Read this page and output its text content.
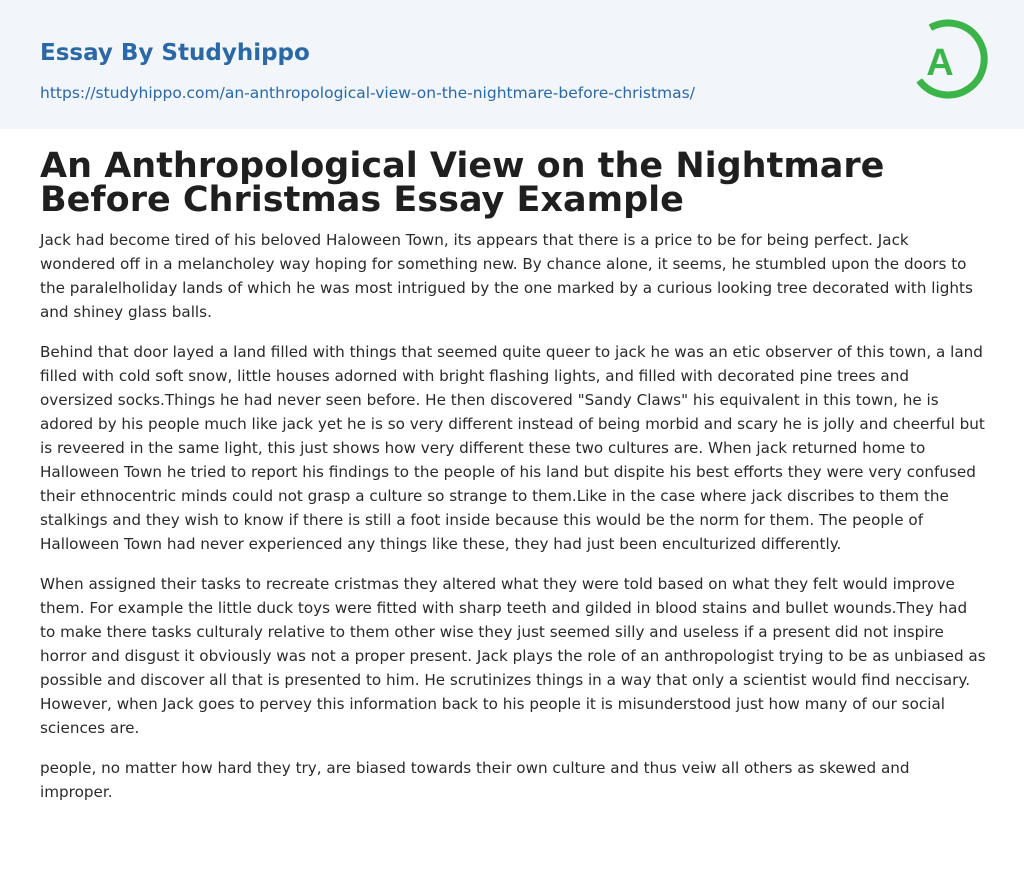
Essay By Studyhippo
https://studyhippo.com/an-anthropological-view-on-the-nightmare-before-christmas/
A
An Anthropological View on the Nightmare Before Christmas Essay Example

Jack had become tired of his beloved Haloween Town, its appears that there is a price to be for being perfect. Jack wondered off in a melancholey way hoping for something new. By chance alone, it seems, he stumbled upon the doors to the paralelholiday lands of which he was most intrigued by the one marked by a curious looking tree decorated with lights and shiney glass balls.

Behind that door layed a land filled with things that seemed quite queer to jack he was an etic observer of this town, a land filled with cold soft snow, little houses adorned with bright flashing lights, and filled with decorated pine trees and oversized socks.Things he had never seen before. He then discovered "Sandy Claws" his equivalent in this town, he is adored by his people much like jack yet he is so very different instead of being morbid and scary he is jolly and cheerful but is reveered in the same light, this just shows how very different these two cultures are. When jack returned home to Halloween Town he tried to report his findings to the people of his land but dispite his best efforts they were very confused their ethnocentric minds could not grasp a culture so strange to them.Like in the case where jack discribes to them the stalkings and they wish to know if there is still a foot inside because this would be the norm for them. The people of Halloween Town had never experienced any things like these, they had just been enculturized differently.

When assigned their tasks to recreate cristmas they altered what they were told based on what they felt would improve them. For example the little duck toys were fitted with sharp teeth and gilded in blood stains and bullet wounds.They had to make there tasks culturaly relative to them other wise they just seemed silly and useless if a present did not inspire horror and disgust it obviously was not a proper present. Jack plays the role of an anthropologist trying to be as unbiased as possible and discover all that is presented to him. He scrutinizes things in a way that only a scientist would find neccisary. However, when Jack goes to pervey this information back to his people it is misunderstood just how many of our social sciences are.

people, no matter how hard they try, are biased towards their own culture and thus veiw all others as skewed and improper.
